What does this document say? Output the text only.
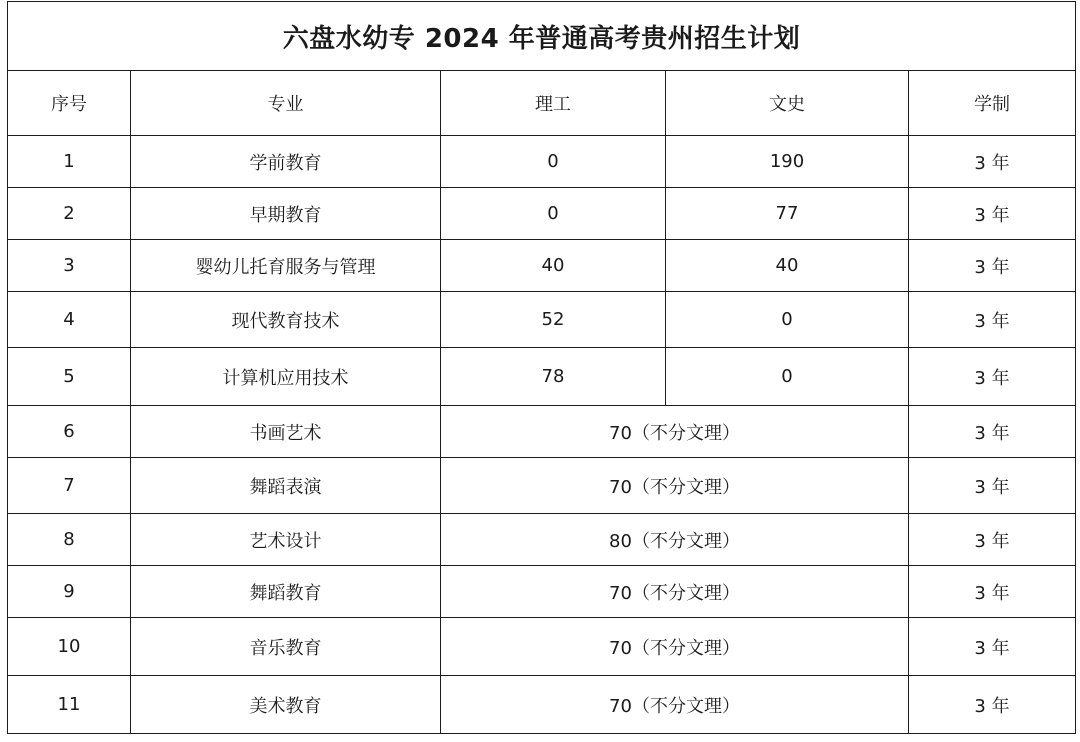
六盘水幼专 2024 年普通高考贵州招生计划				
序号	专业	理工	文史	学制
1	学前教育	0	190	3 年
2	早期教育	0	77	3 年
3	婴幼儿托育服务与管理	40	40	3 年
4	现代教育技术	52	0	3 年
5	计算机应用技术	78	0	3 年
6	书画艺术	70（不分文理）		3 年
7	舞蹈表演	70（不分文理）		3 年
8	艺术设计	80（不分文理）		3 年
9	舞蹈教育	70（不分文理）		3 年
10	音乐教育	70（不分文理）		3 年
11	美术教育	70（不分文理）		3 年
